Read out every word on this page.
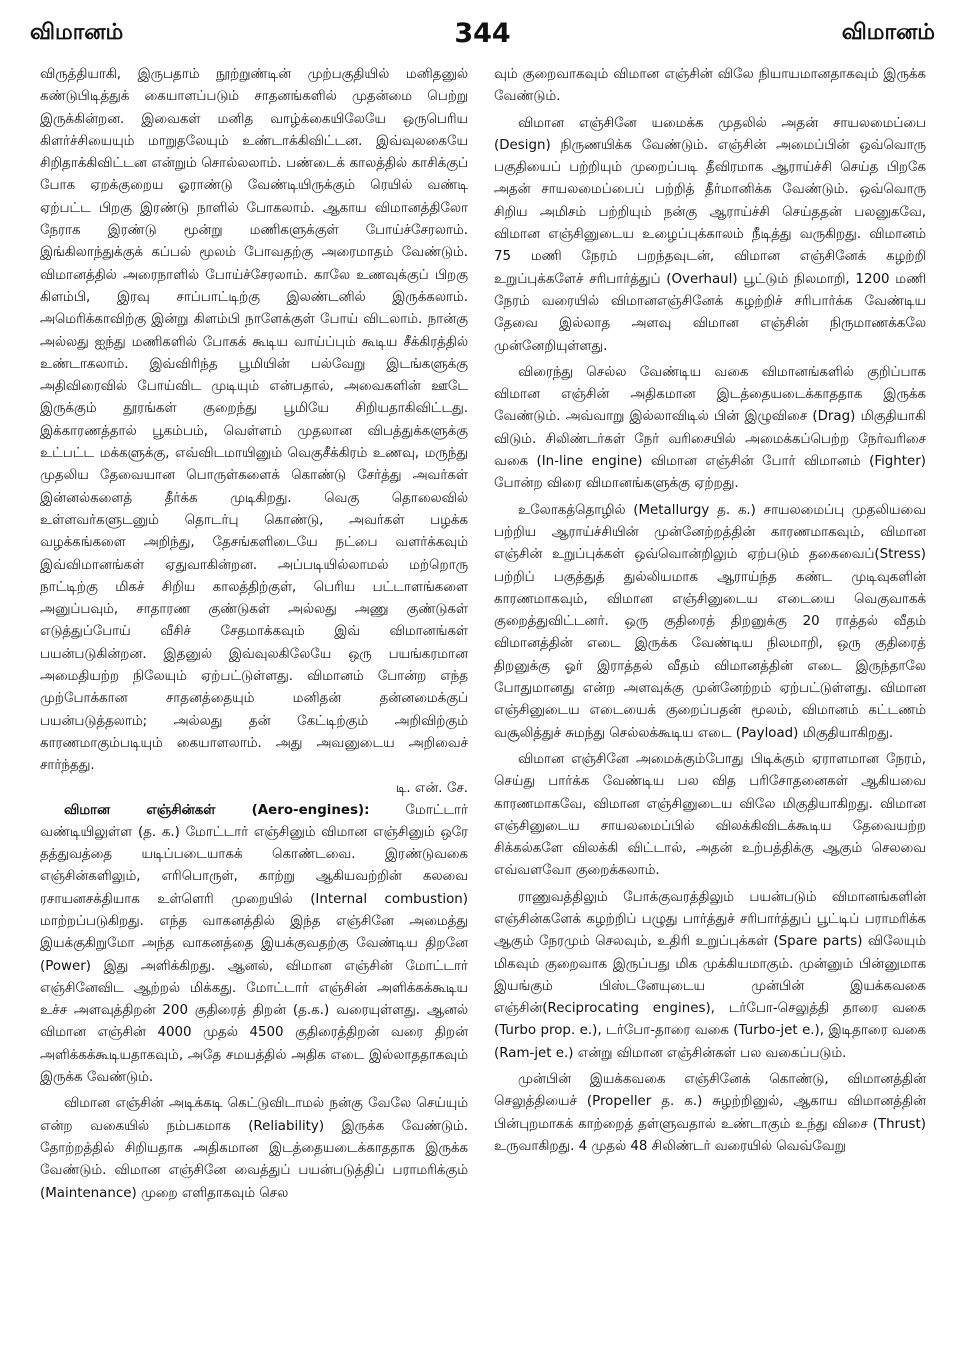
விமானம்	344	விமானம்

விருத்தியாகி, இருபதாம் நூற்றுண்டின் முற்பகுதியில் மனிதனுல் கண்டுபிடித்துக் கையாளப்படும் சாதனங்களில் முதன்மை பெற்று இருக்கின்றன. இவைகள் மனித வாழ்க்கையிலேயே ஒருபெரிய கிளர்ச்சியையும் மாறுதலேயும் உண்டாக்கிவிட்டன. இவ்வுலகையே சிறிதாக்கிவிட்டன என்றும் சொல்லலாம். பண்டைக் காலத்தில் காசிக்குப் போக ஏறக்குறைய ஓராண்டு வேண்டியிருக்கும் ரெயில் வண்டி ஏற்பட்ட பிறகு இரண்டு நாளில் போகலாம். ஆகாய விமானத்திலோ நேராக இரண்டு மூன்று மணிகளுக்குள் போய்ச்சேரலாம். இங்கிலாந்துக்குக் கப்பல் மூலம் போவதற்கு அரைமாதம் வேண்டும். விமானத்தில் அரைநாளில் போய்ச்சேரலாம். காலே உணவுக்குப் பிறகு கிளம்பி, இரவு சாப்பாட்டிற்கு இலண்டனில் இருக்கலாம். அமெரிக்காவிற்கு இன்று கிளம்பி நாளேக்குள் போய் விடலாம். நான்கு அல்லது ஐந்து மணிகளில் போகக் கூடிய வாய்ப்பும் கூடிய சீக்கிரத்தில் உண்டாகலாம். இவ்விரிந்த பூமியின் பல்வேறு இடங்களுக்கு அதிவிரைவில் போய்விட முடியும் என்பதால், அவைகளின் ஊடே இருக்கும் தூரங்கள் குறைந்து பூமியே சிறியதாகிவிட்டது. இக்காரணத்தால் பூகம்பம், வெள்ளம் முதலான விபத்துக்களுக்கு உட்பட்ட மக்களுக்கு, எவ்விடமாயினும் வெகுசீக்கிரம் உணவு, மருந்து முதலிய தேவையான பொருள்களைக் கொண்டு சேர்த்து அவர்கள் இன்னல்களைத் தீர்க்க முடிகிறது. வெகு தொலைவில் உள்ளவர்களுடனும் தொடர்பு கொண்டு, அவர்கள் பழக்க வழக்கங்களை அறிந்து, தேசங்களிடையே நட்பை வளர்க்கவும் இவ்விமானங்கள் ஏதுவாகின்றன. அப்படியில்லாமல் மற்றொரு நாட்டிற்கு மிகச் சிறிய காலத்திற்குள், பெரிய பட்டாளங்களை அனுப்பவும், சாதாரண குண்டுகள் அல்லது அணு குண்டுகள் எடுத்துப்போய் வீசிச் சேதமாக்கவும் இவ் விமானங்கள் பயன்படுகின்றன. இதனுல் இவ்வுலகிலேயே ஒரு பயங்கரமான அமைதியற்ற நிலேயும் ஏற்பட்டுள்ளது. விமானம் போன்ற எந்த முற்போக்கான சாதனத்தையும் மனிதன் தன்னமைக்குப் பயன்படுத்தலாம்; அல்லது தன் கேட்டிற்கும் அறிவிற்கும் காரணமாகும்படியும் கையாளலாம். அது அவனுடைய அறிவைச் சார்ந்தது.

டி. என். சே.

விமான எஞ்சின்கள் (Aero-engines):	மோட்டார் வண்டியிலுள்ள (த. க.) மோட்டார் எஞ்சினும் விமான எஞ்சினும் ஒரே தத்துவத்தை யடிப்படையாகக் கொண்டவை. இரண்டுவகை எஞ்சின்களிலும், எரிபொருள், காற்று ஆகியவற்றின் கலவை ரசாயனசக்தியாக உள்ளெரி முறையில் (Internal combustion) மாற்றப்படுகிறது. எந்த வாகனத்தில் இந்த எஞ்சினே அமைத்து இயக்குகிறுமோ அந்த வாகனத்தை இயக்குவதற்கு வேண்டிய திறனே (Power) இது அளிக்கிறது. ஆனல், விமான எஞ்சின் மோட்டார் எஞ்சினேவிட ஆற்றல் மிக்கது. மோட்டார் எஞ்சின் அளிக்கக்கூடிய உச்ச அளவுத்திறன் 200 குதிரைத் திறன் (த.க.) வரையுள்ளது. ஆனல் விமான எஞ்சின் 4000 முதல் 4500 குதிரைத்திறன் வரை திறன் அளிக்கக்கூடியதாகவும், அதே சமயத்தில் அதிக எடை இல்லாததாகவும் இருக்க வேண்டும்.

விமான எஞ்சின் அடிக்கடி கெட்டுவிடாமல் நன்கு வேலே செய்யும் என்ற வகையில் நம்பகமாக (Reliability) இருக்க வேண்டும். தோற்றத்தில் சிறியதாக அதிகமான இடத்தையடைக்காததாக இருக்க வேண்டும். விமான எஞ்சினே வைத்துப் பயன்படுத்திப் பராமரிக்கும் (Maintenance) முறை எளிதாகவும் செல

வும் குறைவாகவும் விமான எஞ்சின் விலே நியாயமானதாகவும் இருக்க வேண்டும்.

விமான எஞ்சினே யமைக்க முதலில் அதன் சாயலமைப்பை (Design) நிருணயிக்க வேண்டும். எஞ்சின் அமைப்பின் ஒவ்வொரு பகுதியைப் பற்றியும் முறைப்படி தீவிரமாக ஆராய்ச்சி செய்த பிறகே அதன் சாயலமைப்பைப் பற்றித் தீர்மானிக்க வேண்டும். ஒவ்வொரு சிறிய அமிசம் பற்றியும் நன்கு ஆராய்ச்சி செய்ததன் பலனுகவே, விமான எஞ்சினுடைய உழைப்புக்காலம் நீடித்து வருகிறது. விமானம் 75 மணி நேரம் பறந்தவுடன், விமான எஞ்சினேக் கழற்றி உறுப்புக்களேச் சரிபார்த்துப் (Overhaul) பூட்டும் நிலமாறி, 1200 மணி நேரம் வரையில் விமானஎஞ்சினேக் கழற்றிச் சரிபார்க்க வேண்டிய தேவை இல்லாத அளவு விமான எஞ்சின் நிருமாணக்கலே முன்னேறியுள்ளது.

விரைந்து செல்ல வேண்டிய வகை விமானங்களில் குறிப்பாக விமான எஞ்சின் அதிகமான இடத்தையடைக்காததாக இருக்க வேண்டும். அவ்வாறு இல்லாவிடில் பின் இழுவிசை (Drag) மிகுதியாகி விடும். சிலிண்டர்கள் நேர் வரிசையில் அமைக்கப்பெற்ற நேர்வரிசை வகை (In-line engine) விமான எஞ்சின் போர் விமானம் (Fighter) போன்ற விரை விமானங்களுக்கு ஏற்றது.

உலோகத்தொழில் (Metallurgy த. க.) சாயலமைப்பு முதலியவை பற்றிய ஆராய்ச்சியின் முன்னேற்றத்தின் காரணமாகவும், விமான எஞ்சின் உறுப்புக்கள் ஒவ்வொன்றிலும் ஏற்படும் தகைவைப்(Stress) பற்றிப் பகுத்துத் துல்லியமாக ஆராய்ந்த கண்ட முடிவுகளின் காரணமாகவும், விமான எஞ்சினுடைய எடையை வெகுவாகக் குறைத்துவிட்டனர். ஒரு குதிரைத் திறனுக்கு 20 ராத்தல் வீதம் விமானத்தின் எடை இருக்க வேண்டிய நிலமாறி, ஒரு குதிரைத் திறனுக்கு ஓர் இராத்தல் வீதம் விமானத்தின் எடை இருந்தாலே போதுமானது என்ற அளவுக்கு முன்னேற்றம் ஏற்பட்டுள்ளது. விமான எஞ்சினுடைய எடையைக் குறைப்பதன் மூலம், விமானம் கட்டணம் வசூலித்துச் சுமந்து செல்லக்கூடிய எடை (Payload) மிகுதியாகிறது.

விமான எஞ்சினே அமைக்கும்போது பிடிக்கும் ஏராளமான நேரம், செய்து பார்க்க வேண்டிய பல வித பரிசோதனைகள் ஆகியவை காரணமாகவே, விமான எஞ்சினுடைய விலே மிகுதியாகிறது. விமான எஞ்சினுடைய சாயலமைப்பில் விலக்கிவிடக்கூடிய தேவையற்ற சிக்கல்களே விலக்கி விட்டால், அதன் உற்பத்திக்கு ஆகும் செலவை எவ்வளவோ குறைக்கலாம்.

ராணுவத்திலும் போக்குவரத்திலும் பயன்படும் விமானங்களின் எஞ்சின்களேக் கழற்றிப் பழுது பார்த்துச் சரிபார்த்துப் பூட்டிப் பராமரிக்க ஆகும் நேரமும் செலவும், உதிரி உறுப்புக்கள் (Spare parts) விலேயும் மிகவும் குறைவாக இருப்பது மிக முக்கியமாகும். முன்னும் பின்னுமாக இயங்கும் பிஸ்டனேயுடைய முன்பின் இயக்கவகை எஞ்சின்(Reciprocating engines), டர்போ-செலுத்தி தாரை வகை (Turbo prop. e.), டர்போ-தாரை வகை (Turbo-jet e.), இடிதாரை வகை (Ram-jet e.) என்று விமான எஞ்சின்கள் பல வகைப்படும்.

முன்பின் இயக்கவகை எஞ்சினேக் கொண்டு, விமானத்தின் செலுத்தியைச் (Propeller த. க.) சுழற்றினுல், ஆகாய விமானத்தின் பின்புறமாகக் காற்றைத் தள்ளுவதால் உண்டாகும் உந்து விசை (Thrust) உருவாகிறது. 4 முதல் 48 சிலிண்டர் வரையில் வெவ்வேறு
